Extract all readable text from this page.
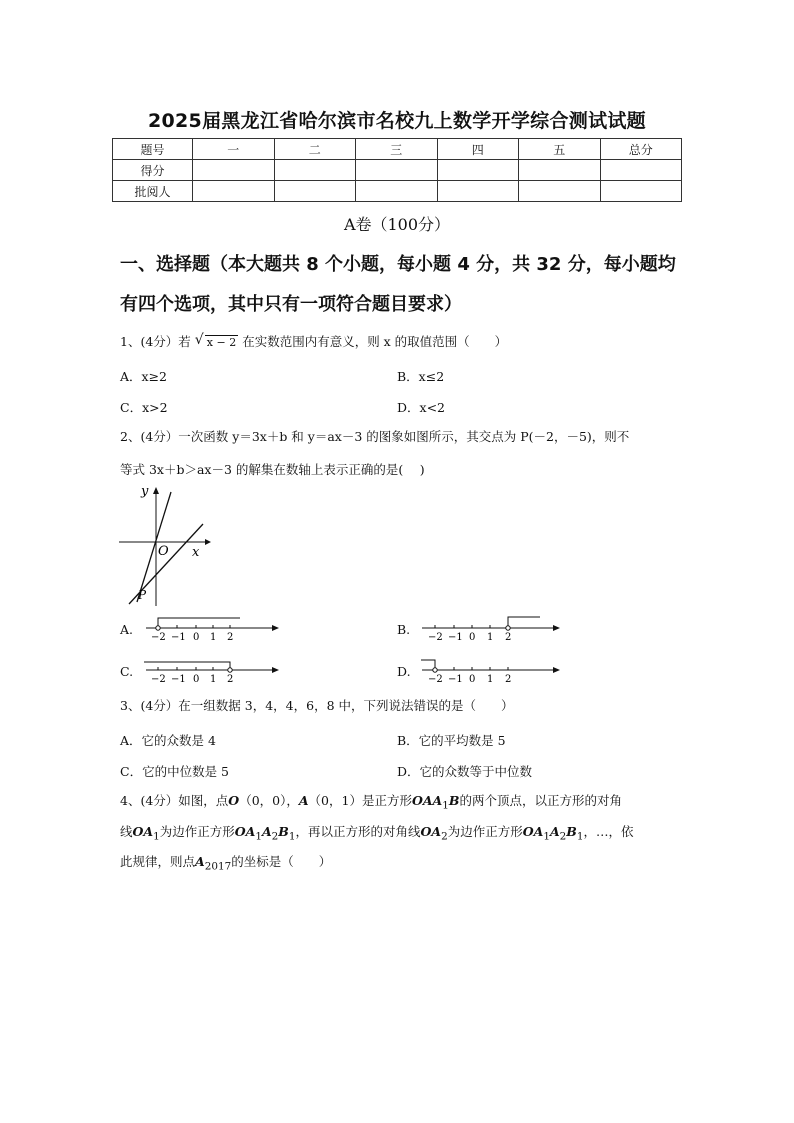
2025届黑龙江省哈尔滨市名校九上数学开学综合测试试题
题号	一	二	三	四	五	总分
得分						
批阅人						
A卷（100分）
一、选择题（本大题共 8 个小题，每小题 4 分，共 32 分，每小题均
有四个选项，其中只有一项符合题目要求）
1、(4分）若 √ x − 2 在实数范围内有意义，则 x 的取值范围（　　）
A．x≥2	B．x≤2
C．x>2	D．x<2
2、(4分）一次函数 y＝3x＋b 和 y＝ax－3 的图象如图所示，其交点为 P(－2，－5)，则不
等式 3x＋b＞ax－3 的解集在数轴上表示正确的是(　 )
y
x
O
P
A.
−2 −1 0 1 2
B.
−2 −1 0 1 2
C.
−2 −1 0 1 2
D.
−2 −1 0 1 2
3、(4分）在一组数据 3，4，4，6，8 中，下列说法错误的是（　　）
A．它的众数是 4	B．它的平均数是 5
C．它的中位数是 5	D．它的众数等于中位数
4、(4分）如图，点O（0，0），A（0，1）是正方形$OAA_1B$的两个顶点，以正方形的对角
线$OA_1$为边作正方形$OA_1A_2B_1$，再以正方形的对角线$OA_2$为边作正方形$OA_1A_2B_1$，…，依
此规律，则点$A_{2017}$的坐标是（　　）
